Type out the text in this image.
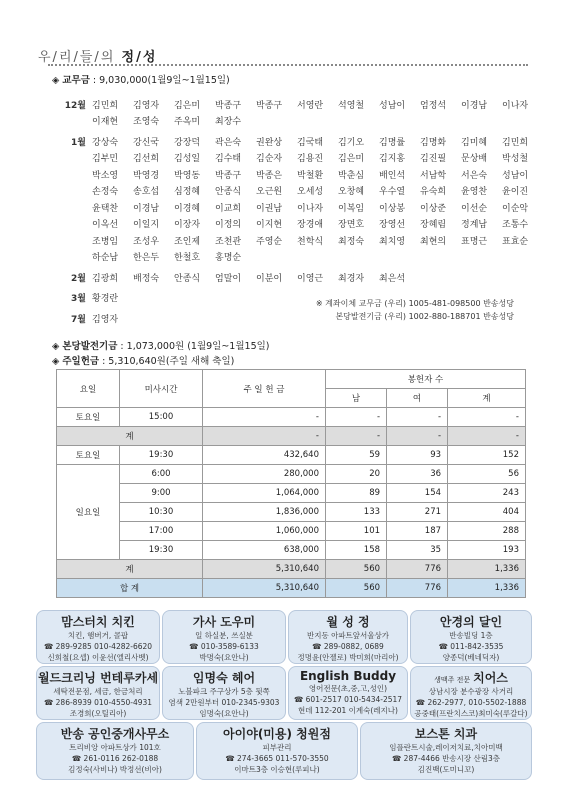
우/리/들/의 정/성
◈ 교무금 : 9,030,000(1월9일~1월15일)
12월 김민희	김영자	김은미	박종구	박종구	서영란	석영철	성남이	엄정석	이경남	이나자
이재현	조영숙	주옥미	최장수
1월 강상숙	강신국	강장덕	곽은숙	권완상	김국태	김기오	김명률	김명화	김미혜	김민희
김부민	김선희	김성일	김수태	김순자	김용진	김은미	김지홍	김진필	문상배	박성철
박소영	박영경	박영동	박종구	박종은	박철환	박춘심	배인석	서남학	서은숙	성남이
손정숙	송호섭	심정혜	안종식	오근원	오세성	오창혜	우수열	유숙희	윤영찬	윤이진
윤택찬	이경남	이경혜	이교희	이권남	이나자	이복임	이상봉	이상준	이선순	이순악
이옥선	이일지	이장자	이정의	이지현	장경애	장면호	장영선	장혜림	정계남	조통수
조병임	조성우	조인제	조천관	주영순	천학식	최정숙	최치영	최현의	표명근	표효순
하순남	한은두	한철호	홍명순
2월 김광희	배정숙	안종식	엄말이	이분이	이영근	최경자	최은석
3월 황경란
7월 김영자
※ 계좌이체 교무금 (우리) 1005-481-098500 반송성당
본당발전기금 (우리) 1002-880-188701 반송성당
◈ 본당발전기금 : 1,073,000원 (1월9일~1월15일)
◈ 주일헌금 : 5,310,640원(주일 새해 축일)
요일	미사시간	주 일 헌 금	봉헌자 수		
			남	여	계
토요일	15:00	-	-	-	-
계		-	-	-	-
토요일	19:30	432,640	59	93	152
일요일	6:00	280,000	20	36	56
	9:00	1,064,000	89	154	243
	10:30	1,836,000	133	271	404
	17:00	1,060,000	101	187	288
	19:30	638,000	158	35	193
계		5,310,640	560	776	1,336
합 계		5,310,640	560	776	1,336
맘스터치 치킨
치킨, 햄버거, 콜팝
☎ 289-9285 010-4282-6620
신희철(요셉) 이윤선(엘리사벳)
가사 도우미
일 하실분, 쓰실분
☎ 010-3589-6133
박명숙(요안나)
월 성 정
반지동 아파트앞서울상가
☎ 289-0882, 0689
정명윤(안젤로) 박미희(마리아)
안경의 달인
반송빌딩 1층
☎ 011-842-3535
양종덕(베네딕자)
월드크리닝 번테루카세
세탁전문점, 세금, 한금처리
☎ 286-8939 010-4550-4931
조경희(오틸리아)
임명숙 헤어
노블파크 주구상가 5층 뒷쪽
염색 2만원부터 010-2345-9303
임명숙(요안나)
English Buddy
영어전문(초,중,고,성인)
☎ 601-2517 010-5434-2517
현데 112-201 이계숙(레지나)
생맥주 전문 치어스
상남시장 분수광장 사거리
☎ 262-2977, 010-5502-1888
공중태(프란치스코)최미숙(루갈다)
반송 공인중개사무소
트리비앙 아파트상가 101호
☎ 261-0116 262-0188
김정숙(사비나) 박정선(비아)
아이야(미용) 청원점
피부관리
☎ 274-3665 011-570-3550
이마트3층 이승현(루피나)
보스톤 치과
임플란트시술,레이저치료,치아미백
☎ 287-4466 반송시장 산림3층
김진백(도미니꼬)
